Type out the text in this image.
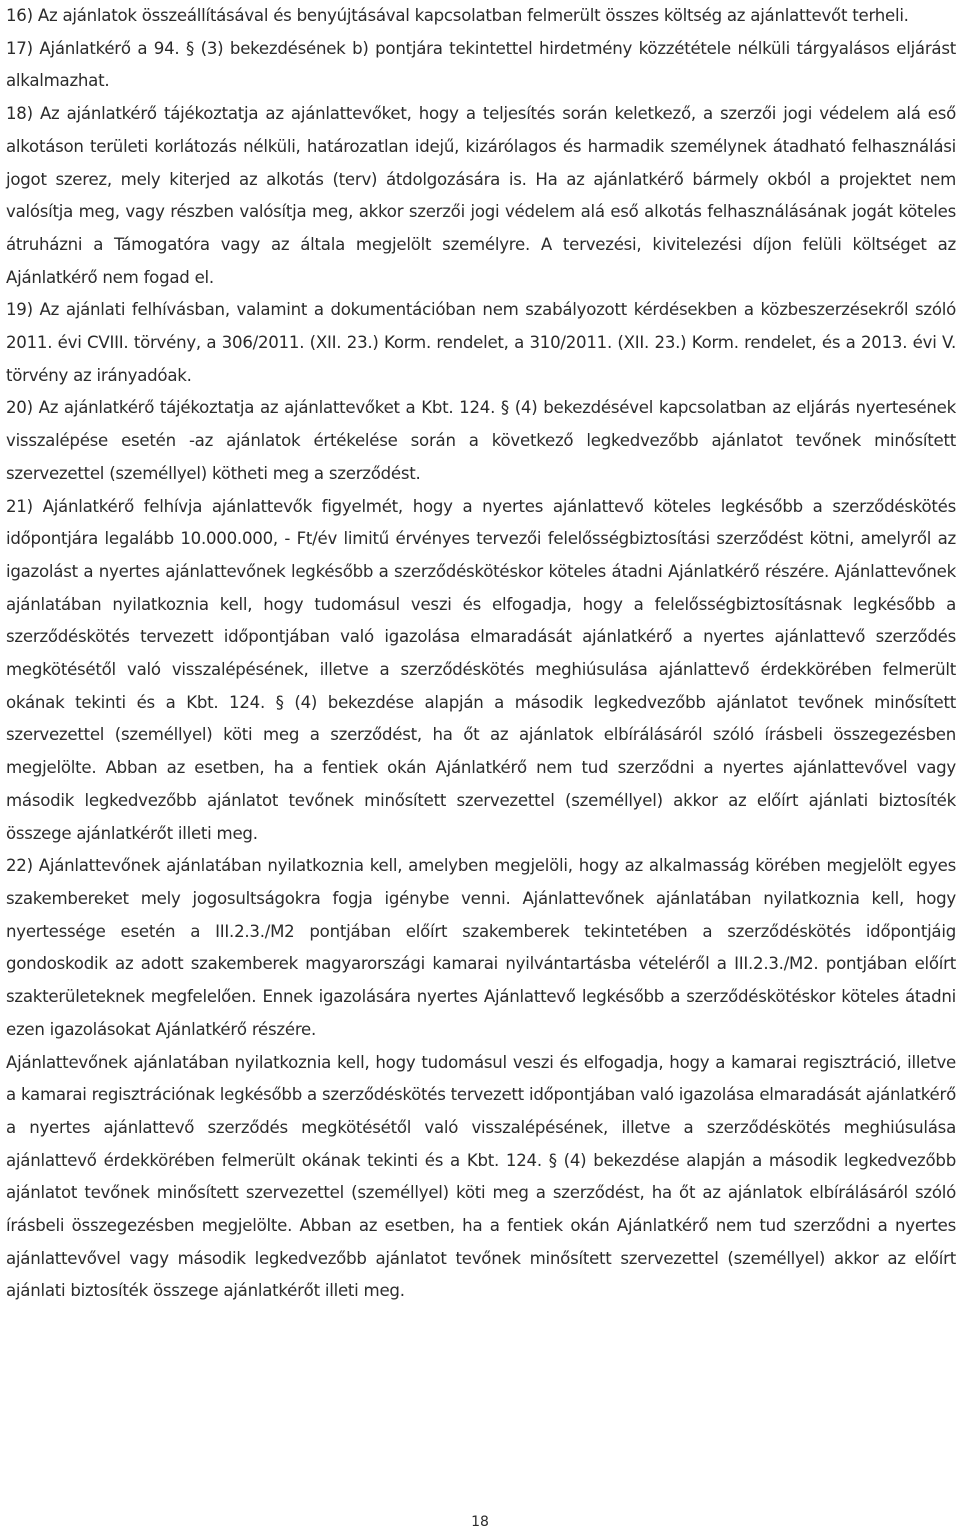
16) Az ajánlatok összeállításával és benyújtásával kapcsolatban felmerült összes költség az ajánlattevőt terheli.

17) Ajánlatkérő a 94. § (3) bekezdésének b) pontjára tekintettel hirdetmény közzététele nélküli tárgyalásos eljárást alkalmazhat.

18) Az ajánlatkérő tájékoztatja az ajánlattevőket, hogy a teljesítés során keletkező, a szerzői jogi védelem alá eső alkotáson területi korlátozás nélküli, határozatlan idejű, kizárólagos és harmadik személynek átadható felhasználási jogot szerez, mely kiterjed az alkotás (terv) átdolgozására is. Ha az ajánlatkérő bármely okból a projektet nem valósítja meg, vagy részben valósítja meg, akkor szerzői jogi védelem alá eső alkotás felhasználásának jogát köteles átruházni a Támogatóra vagy az általa megjelölt személyre. A tervezési, kivitelezési díjon felüli költséget az Ajánlatkérő nem fogad el.

19) Az ajánlati felhívásban, valamint a dokumentációban nem szabályozott kérdésekben a közbeszerzésekről szóló 2011. évi CVIII. törvény, a 306/2011. (XII. 23.) Korm. rendelet, a 310/2011. (XII. 23.) Korm. rendelet, és a 2013. évi V. törvény az irányadóak.

20) Az ajánlatkérő tájékoztatja az ajánlattevőket a Kbt. 124. § (4) bekezdésével kapcsolatban az eljárás nyertesének visszalépése esetén -az ajánlatok értékelése során a következő legkedvezőbb ajánlatot tevőnek minősített szervezettel (személlyel) kötheti meg a szerződést.

21) Ajánlatkérő felhívja ajánlattevők figyelmét, hogy a nyertes ajánlattevő köteles legkésőbb a szerződéskötés időpontjára legalább 10.000.000, - Ft/év limitű érvényes tervezői felelősségbiztosítási szerződést kötni, amelyről az igazolást a nyertes ajánlattevőnek legkésőbb a szerződéskötéskor köteles átadni Ajánlatkérő részére. Ajánlattevőnek ajánlatában nyilatkoznia kell, hogy tudomásul veszi és elfogadja, hogy a felelősségbiztosításnak legkésőbb a szerződéskötés tervezett időpontjában való igazolása elmaradását ajánlatkérő a nyertes ajánlattevő szerződés megkötésétől való visszalépésének, illetve a szerződéskötés meghiúsulása ajánlattevő érdekkörében felmerült okának tekinti és a Kbt. 124. § (4) bekezdése alapján a második legkedvezőbb ajánlatot tevőnek minősített szervezettel (személlyel) köti meg a szerződést, ha őt az ajánlatok elbírálásáról szóló írásbeli összegezésben megjelölte. Abban az esetben, ha a fentiek okán Ajánlatkérő nem tud szerződni a nyertes ajánlattevővel vagy második legkedvezőbb ajánlatot tevőnek minősített szervezettel (személlyel) akkor az előírt ajánlati biztosíték összege ajánlatkérőt illeti meg.

22) Ajánlattevőnek ajánlatában nyilatkoznia kell, amelyben megjelöli, hogy az alkalmasság körében megjelölt egyes szakembereket mely jogosultságokra fogja igénybe venni. Ajánlattevőnek ajánlatában nyilatkoznia kell, hogy nyertessége esetén a III.2.3./M2 pontjában előírt szakemberek tekintetében a szerződéskötés időpontjáig gondoskodik az adott szakemberek magyarországi kamarai nyilvántartásba vételéről a III.2.3./M2. pontjában előírt szakterületeknek megfelelően. Ennek igazolására nyertes Ajánlattevő legkésőbb a szerződéskötéskor köteles átadni ezen igazolásokat Ajánlatkérő részére.

Ajánlattevőnek ajánlatában nyilatkoznia kell, hogy tudomásul veszi és elfogadja, hogy a kamarai regisztráció, illetve a kamarai regisztrációnak legkésőbb a szerződéskötés tervezett időpontjában való igazolása elmaradását ajánlatkérő a nyertes ajánlattevő szerződés megkötésétől való visszalépésének, illetve a szerződéskötés meghiúsulása ajánlattevő érdekkörében felmerült okának tekinti és a Kbt. 124. § (4) bekezdése alapján a második legkedvezőbb ajánlatot tevőnek minősített szervezettel (személlyel) köti meg a szerződést, ha őt az ajánlatok elbírálásáról szóló írásbeli összegezésben megjelölte. Abban az esetben, ha a fentiek okán Ajánlatkérő nem tud szerződni a nyertes ajánlattevővel vagy második legkedvezőbb ajánlatot tevőnek minősített szervezettel (személlyel) akkor az előírt ajánlati biztosíték összege ajánlatkérőt illeti meg.

18
